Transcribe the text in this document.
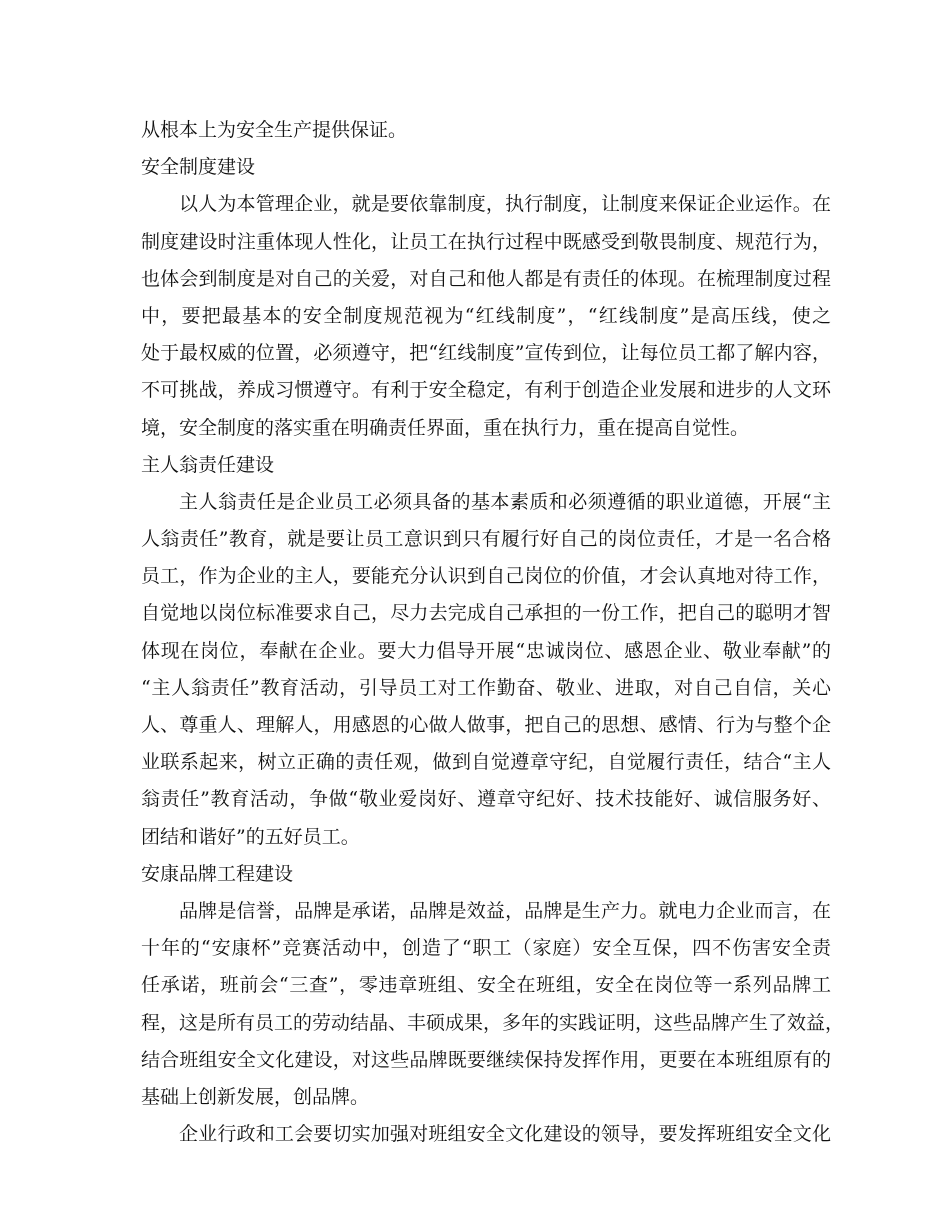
从根本上为安全生产提供保证。

安全制度建设

以人为本管理企业，就是要依靠制度，执行制度，让制度来保证企业运作。在
制度建设时注重体现人性化，让员工在执行过程中既感受到敬畏制度、规范行为，
也体会到制度是对自己的关爱，对自己和他人都是有责任的体现。在梳理制度过程
中，要把最基本的安全制度规范视为“红线制度”，“红线制度”是高压线，使之
处于最权威的位置，必须遵守，把“红线制度”宣传到位，让每位员工都了解内容，
不可挑战，养成习惯遵守。有利于安全稳定，有利于创造企业发展和进步的人文环
境，安全制度的落实重在明确责任界面，重在执行力，重在提高自觉性。

主人翁责任建设

主人翁责任是企业员工必须具备的基本素质和必须遵循的职业道德，开展“主
人翁责任”教育，就是要让员工意识到只有履行好自己的岗位责任，才是一名合格
员工，作为企业的主人，要能充分认识到自己岗位的价值，才会认真地对待工作，
自觉地以岗位标准要求自己，尽力去完成自己承担的一份工作，把自己的聪明才智
体现在岗位，奉献在企业。要大力倡导开展“忠诚岗位、感恩企业、敬业奉献”的
“主人翁责任”教育活动，引导员工对工作勤奋、敬业、进取，对自己自信，关心
人、尊重人、理解人，用感恩的心做人做事，把自己的思想、感情、行为与整个企
业联系起来，树立正确的责任观，做到自觉遵章守纪，自觉履行责任，结合“主人
翁责任”教育活动，争做“敬业爱岗好、遵章守纪好、技术技能好、诚信服务好、
团结和谐好”的五好员工。

安康品牌工程建设

品牌是信誉，品牌是承诺，品牌是效益，品牌是生产力。就电力企业而言，在
十年的“安康杯”竞赛活动中，创造了“职工（家庭）安全互保，四不伤害安全责
任承诺，班前会“三查”，零违章班组、安全在班组，安全在岗位等一系列品牌工
程，这是所有员工的劳动结晶、丰硕成果，多年的实践证明，这些品牌产生了效益，
结合班组安全文化建设，对这些品牌既要继续保持发挥作用，更要在本班组原有的
基础上创新发展，创品牌。

企业行政和工会要切实加强对班组安全文化建设的领导，要发挥班组安全文化
